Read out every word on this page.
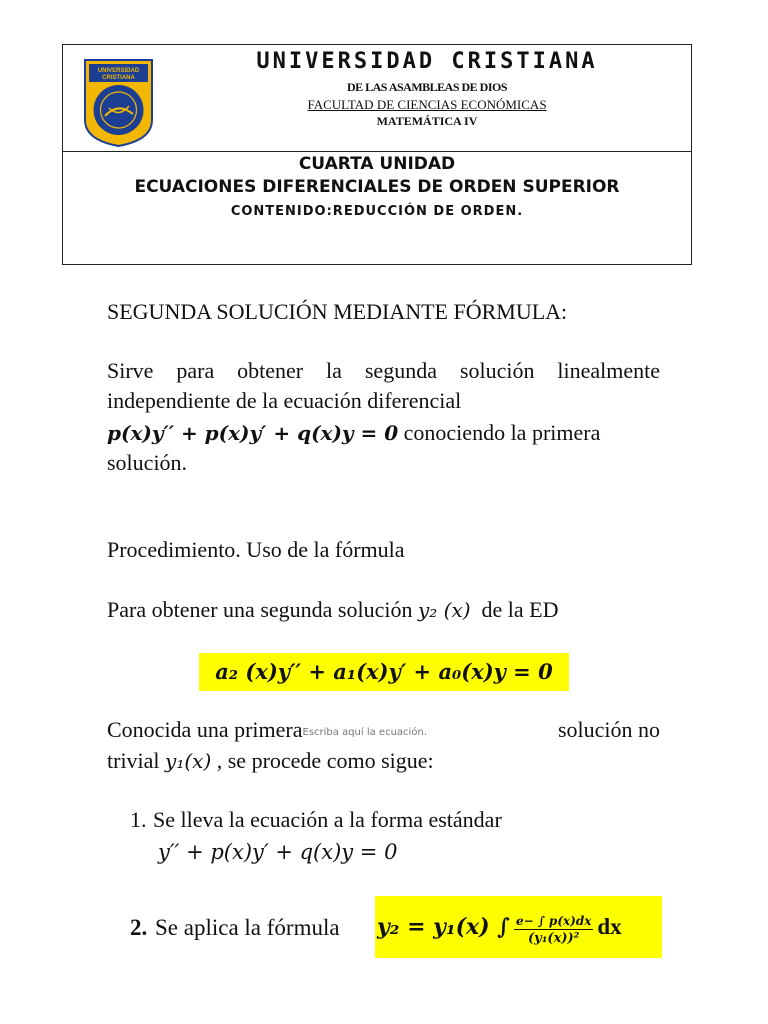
UNIVERSIDAD
CRISTIANA
UNIVERSIDAD CRISTIANA
DE LAS ASAMBLEAS DE DIOS
FACULTAD DE CIENCIAS ECONÓMICAS
MATEMÁTICA IV
CUARTA UNIDAD
ECUACIONES DIFERENCIALES DE ORDEN SUPERIOR
CONTENIDO:REDUCCIÓN DE ORDEN.
SEGUNDA SOLUCIÓN MEDIANTE FÓRMULA:
Sirve para obtener la segunda solución linealmente
independiente de la ecuación diferencial
p(x)y′′ + p(x)y′ + q(x)y = 0 conociendo la primera
solución.
Procedimiento. Uso de la fórmula
Para obtener una segunda solución y₂ (x)  de la ED
a₂ (x)y′′ + a₁(x)y′ + a₀(x)y = 0
Conocida una primeraEscriba aquí la ecuación.	solución no
trivial y₁(x) , se procede como sigue:
1. Se lleva la ecuación a la forma estándar
y′′ + p(x)y′ + q(x)y = 0
2. Se aplica la fórmula y₂ = y₁(x) ∫ $\frac{e- \int p(x)dx}{\text{(y₁(x))²}}$ dx
